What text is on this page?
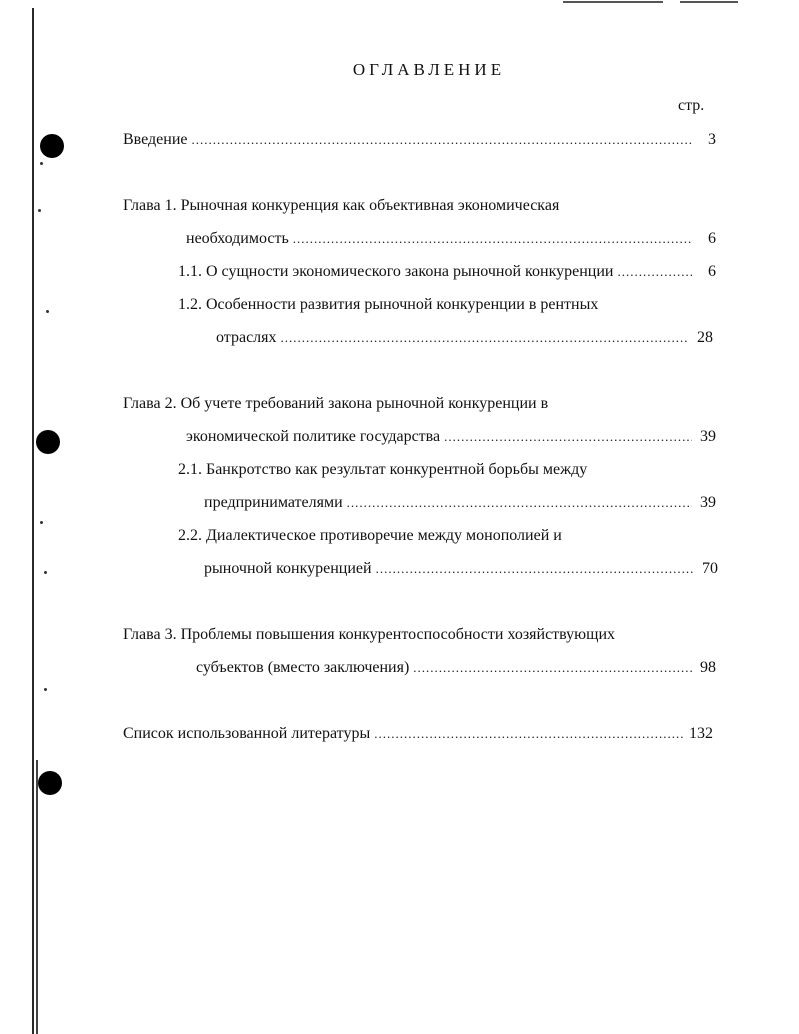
ОГЛАВЛЕНИЕ
стр.
Введение .....	3
Глава 1. Рыночная конкуренция как объективная экономическая
необходимость .....	6
1.1. О сущности экономического закона рыночной конкуренции .....	6
1.2. Особенности развития рыночной конкуренции в рентных
отраслях .....	28
Глава 2. Об учете требований закона рыночной конкуренции в
экономической политике государства .....	39
2.1. Банкротство как результат конкурентной борьбы между
предпринимателями .....	39
2.2. Диалектическое противоречие между монополией и
рыночной конкуренцией .....	70
Глава 3. Проблемы повышения конкурентоспособности хозяйствующих
субъектов (вместо заключения) .....	98
Список использованной литературы .....	132
